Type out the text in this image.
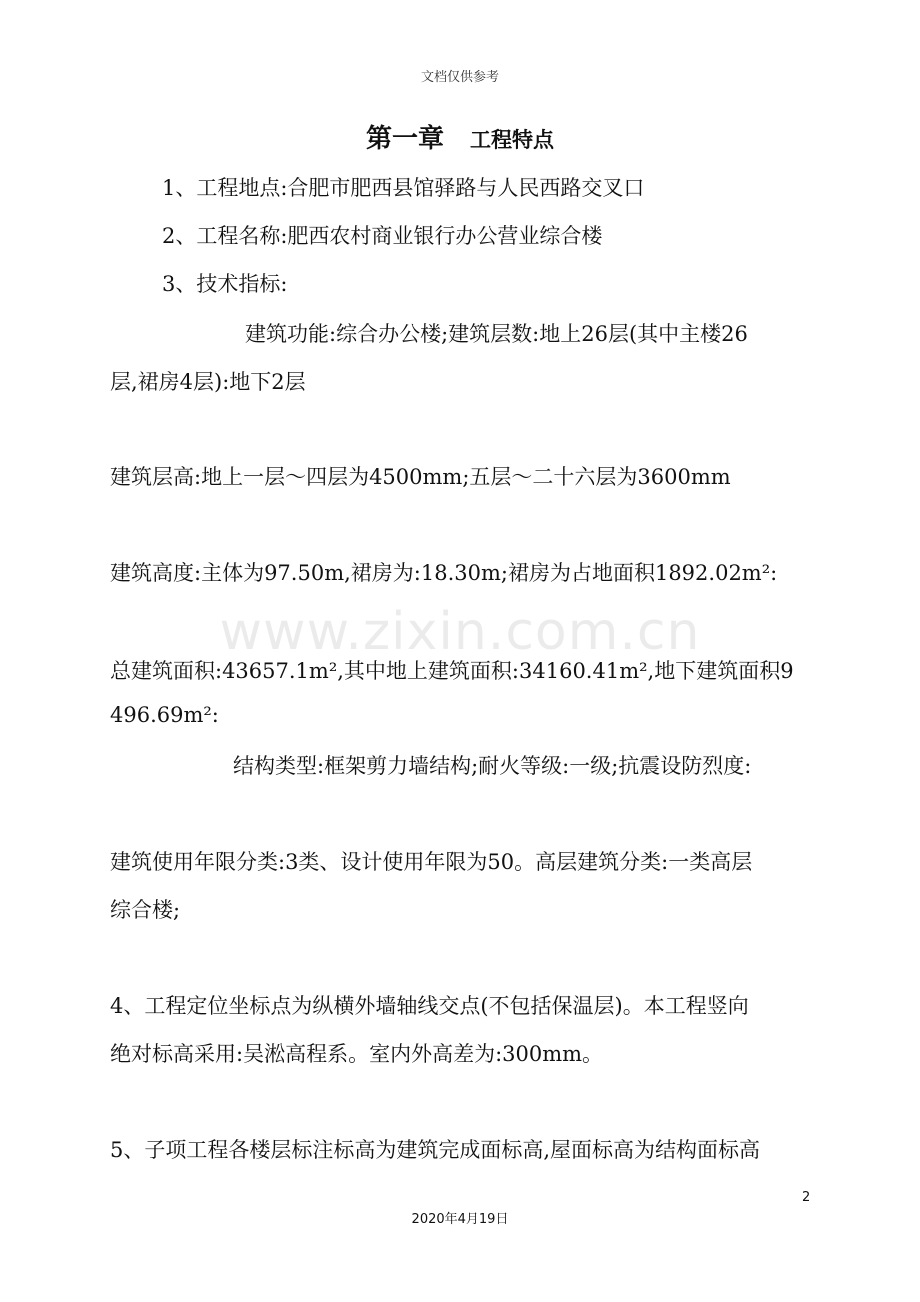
文档仅供参考
第一章 工程特点
1、工程地点:合肥市肥西县馆驿路与人民西路交叉口
2、工程名称:肥西农村商业银行办公营业综合楼
3、技术指标:
建筑功能:综合办公楼;建筑层数:地上26层(其中主楼26
层,裙房4层):地下2层
建筑层高:地上一层～四层为4500mm;五层～二十六层为3600mm
建筑高度:主体为97.50m,裙房为:18.30m;裙房为占地面积1892.02m²:
总建筑面积:43657.1m²,其中地上建筑面积:34160.41m²,地下建筑面积9
496.69m²:
结构类型:框架剪力墙结构;耐火等级:一级;抗震设防烈度:
建筑使用年限分类:3类、设计使用年限为50。高层建筑分类:一类高层
综合楼;
4、工程定位坐标点为纵横外墙轴线交点(不包括保温层)。本工程竖向
绝对标高采用:吴淞高程系。室内外高差为:300mm。
5、子项工程各楼层标注标高为建筑完成面标高,屋面标高为结构面标高
www.zixin.com.cn
2
2020年4月19日
